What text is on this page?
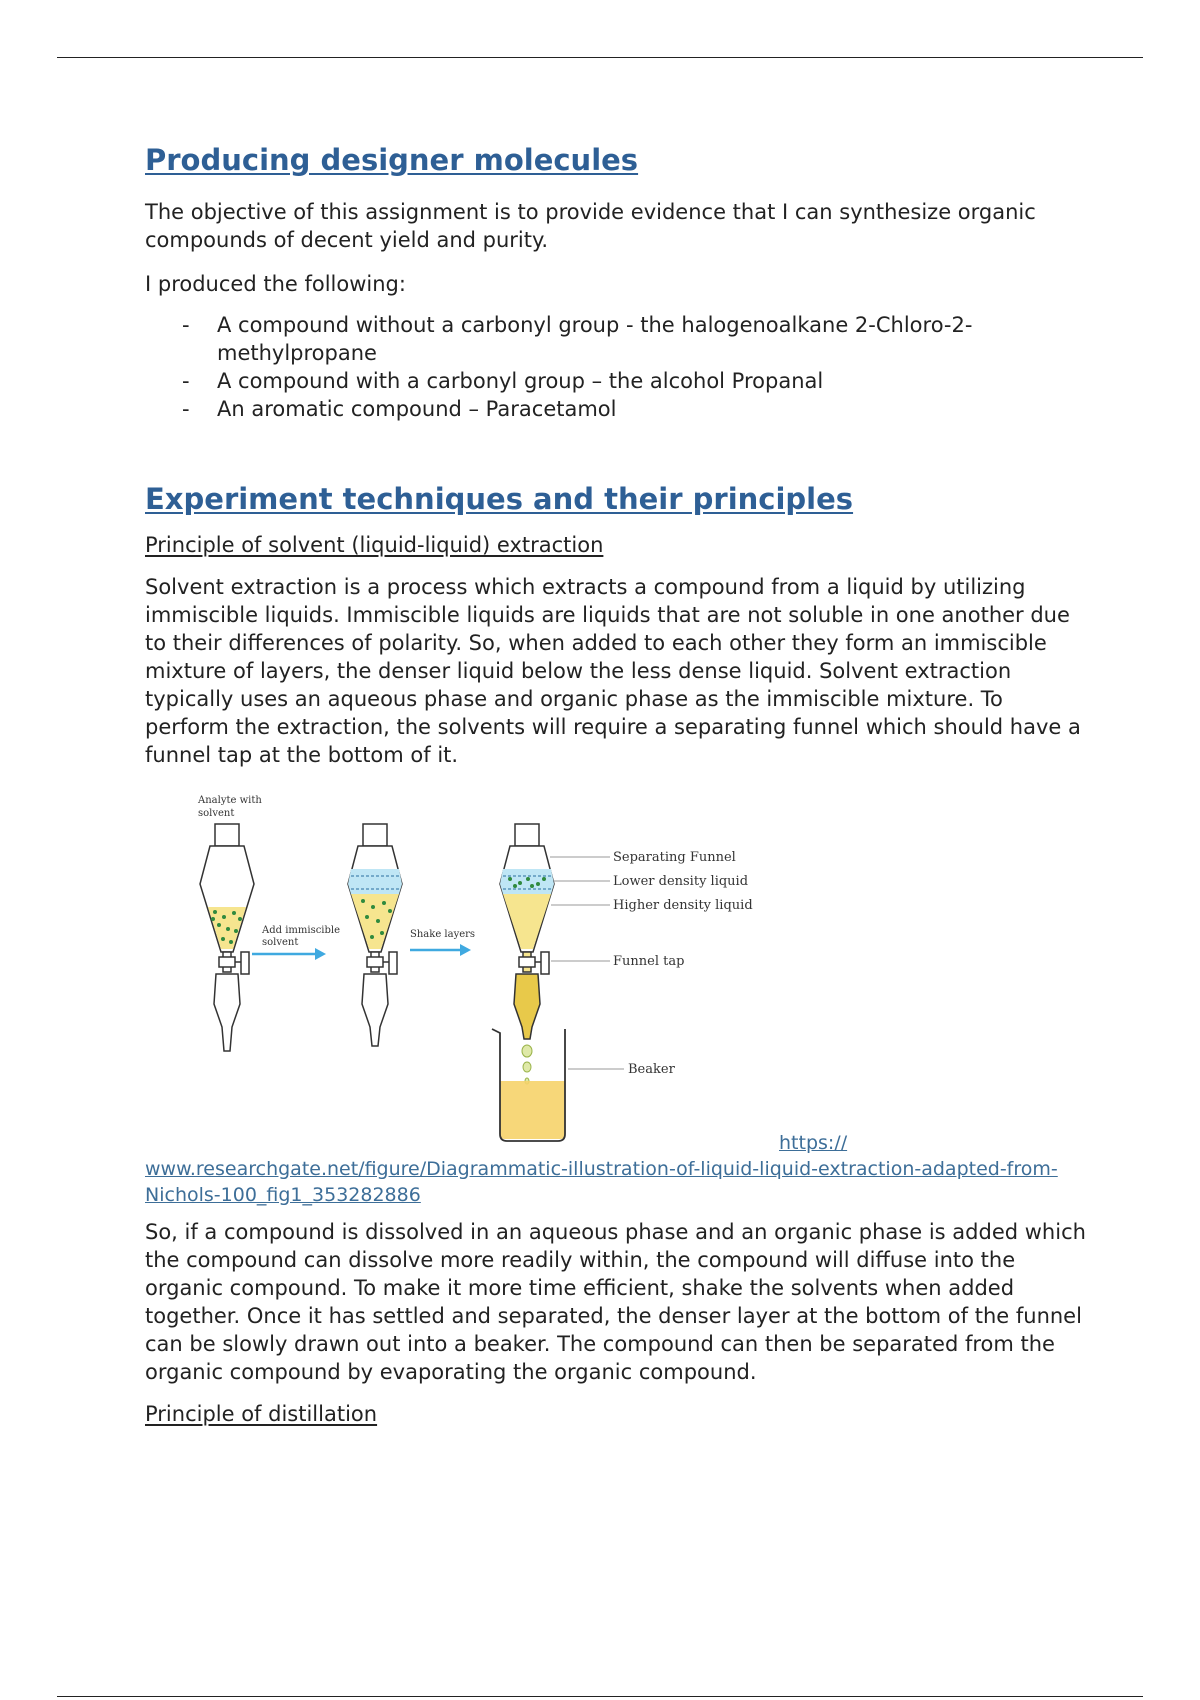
Producing designer molecules

The objective of this assignment is to provide evidence that I can synthesize organic compounds of decent yield and purity.

I produced the following:

- A compound without a carbonyl group - the halogenoalkane 2-Chloro-2-methylpropane
- A compound with a carbonyl group – the alcohol Propanal
- An aromatic compound – Paracetamol
Experiment techniques and their principles
Principle of solvent (liquid-liquid) extraction

Solvent extraction is a process which extracts a compound from a liquid by utilizing immiscible liquids. Immiscible liquids are liquids that are not soluble in one another due to their differences of polarity. So, when added to each other they form an immiscible mixture of layers, the denser liquid below the less dense liquid. Solvent extraction typically uses an aqueous phase and organic phase as the immiscible mixture. To perform the extraction, the solvents will require a separating funnel which should have a funnel tap at the bottom of it.

Analyte with
solvent
Add immiscible
solvent
Shake layers
Separating Funnel
Lower density liquid
Higher density liquid
Funnel tap
Beaker
https://
www.researchgate.net/figure/Diagrammatic-illustration-of-liquid-liquid-extraction-adapted-from-Nichols-100_fig1_353282886

So, if a compound is dissolved in an aqueous phase and an organic phase is added which the compound can dissolve more readily within, the compound will diffuse into the organic compound. To make it more time efficient, shake the solvents when added together. Once it has settled and separated, the denser layer at the bottom of the funnel can be slowly drawn out into a beaker. The compound can then be separated from the organic compound by evaporating the organic compound.

Principle of distillation
